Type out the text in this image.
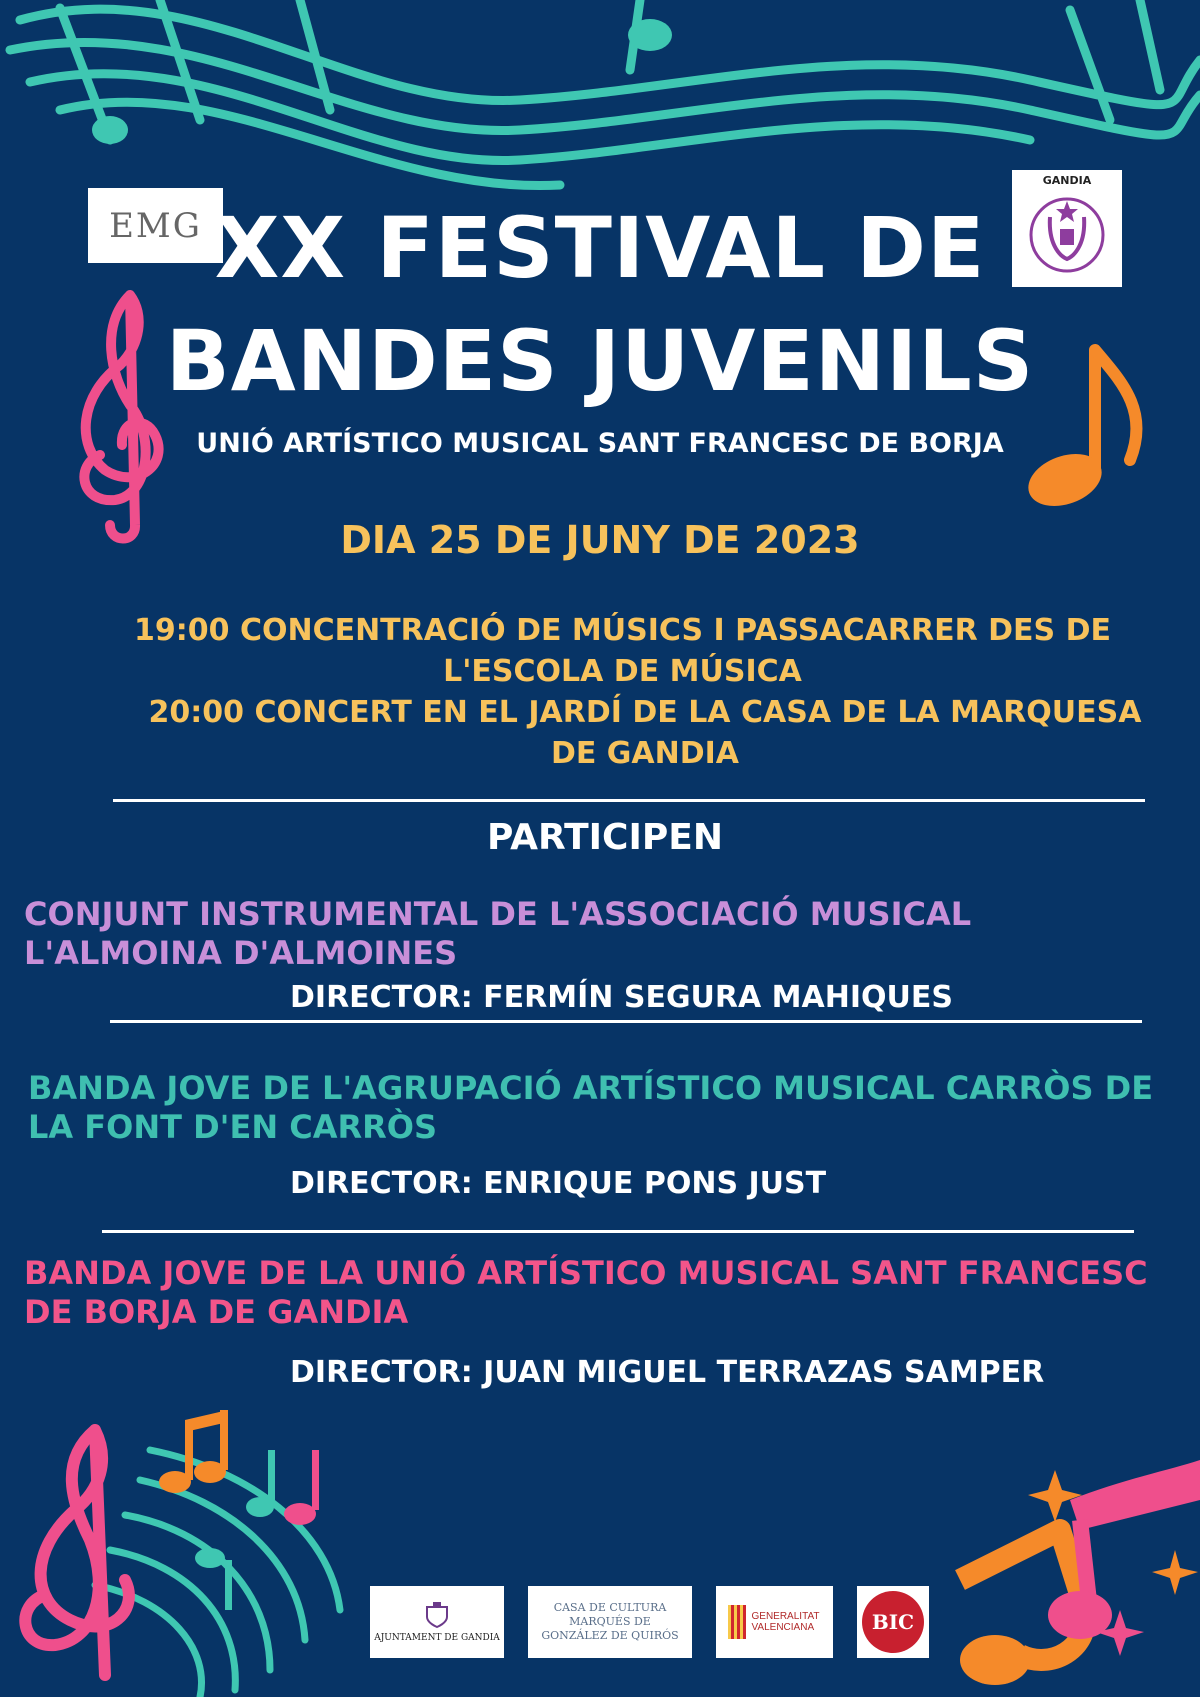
EMG
GANDIA
XX FESTIVAL DE
BANDES JUVENILS
UNIÓ ARTÍSTICO MUSICAL SANT FRANCESC DE BORJA
DIA 25 DE JUNY DE 2023
19:00 CONCENTRACIÓ DE MÚSICS I PASSACARRER DES DE L'ESCOLA DE MÚSICA
20:00 CONCERT EN EL JARDÍ DE LA CASA DE LA MARQUESA DE GANDIA
PARTICIPEN
CONJUNT INSTRUMENTAL DE L'ASSOCIACIÓ MUSICAL L'ALMOINA D'ALMOINES
DIRECTOR: FERMÍN SEGURA MAHIQUES
BANDA JOVE DE L'AGRUPACIÓ ARTÍSTICO MUSICAL CARRÒS DE LA FONT D'EN CARRÒS
DIRECTOR: ENRIQUE PONS JUST
BANDA JOVE DE LA UNIÓ ARTÍSTICO MUSICAL SANT FRANCESC DE BORJA DE GANDIA
DIRECTOR: JUAN MIGUEL TERRAZAS SAMPER
AJUNTAMENT DE GANDIA
CASA DE CULTURA MARQUÉS DE GONZÁLEZ DE QUIRÓS
GENERALITAT VALENCIANA	BIC
